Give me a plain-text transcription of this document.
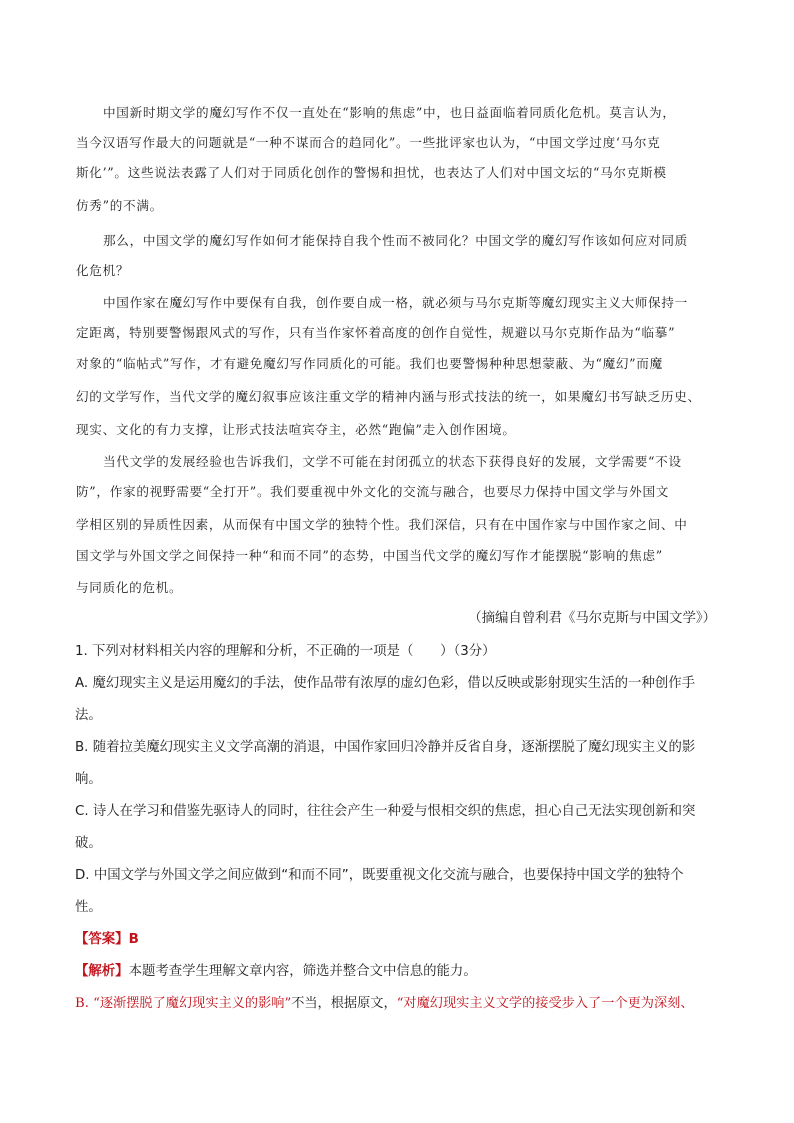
中国新时期文学的魔幻写作不仅一直处在“影响的焦虑”中，也日益面临着同质化危机。莫言认为，
当今汉语写作最大的问题就是“一种不谋而合的趋同化”。一些批评家也认为，“中国文学过度‘马尔克
斯化’”。这些说法表露了人们对于同质化创作的警惕和担忧，也表达了人们对中国文坛的“马尔克斯模
仿秀”的不满。
那么，中国文学的魔幻写作如何才能保持自我个性而不被同化？中国文学的魔幻写作该如何应对同质
化危机？
中国作家在魔幻写作中要保有自我，创作要自成一格，就必须与马尔克斯等魔幻现实主义大师保持一
定距离，特别要警惕跟风式的写作，只有当作家怀着高度的创作自觉性，规避以马尔克斯作品为“临摹”
对象的“临帖式”写作，才有避免魔幻写作同质化的可能。我们也要警惕种种思想蒙蔽、为“魔幻”而魔
幻的文学写作，当代文学的魔幻叙事应该注重文学的精神内涵与形式技法的统一，如果魔幻书写缺乏历史、
现实、文化的有力支撑，让形式技法喧宾夺主，必然“跑偏”走入创作困境。
当代文学的发展经验也告诉我们，文学不可能在封闭孤立的状态下获得良好的发展，文学需要“不设
防”，作家的视野需要“全打开”。我们要重视中外文化的交流与融合，也要尽力保持中国文学与外国文
学相区别的异质性因素，从而保有中国文学的独特个性。我们深信，只有在中国作家与中国作家之间、中
国文学与外国文学之间保持一种“和而不同”的态势，中国当代文学的魔幻写作才能摆脱“影响的焦虑”
与同质化的危机。
（摘编自曾利君《马尔克斯与中国文学》）
1. 下列对材料相关内容的理解和分析，不正确的一项是（　　）（3分）
A. 魔幻现实主义是运用魔幻的手法，使作品带有浓厚的虚幻色彩，借以反映或影射现实生活的一种创作手
法。
B. 随着拉美魔幻现实主义文学高潮的消退，中国作家回归冷静并反省自身，逐渐摆脱了魔幻现实主义的影
响。
C. 诗人在学习和借鉴先驱诗人的同时，往往会产生一种爱与恨相交织的焦虑，担心自己无法实现创新和突
破。
D. 中国文学与外国文学之间应做到“和而不同”，既要重视文化交流与融合，也要保持中国文学的独特个
性。
【答案】B
【解析】本题考查学生理解文章内容，筛选并整合文中信息的能力。
B. “逐渐摆脱了魔幻现实主义的影响”不当，根据原文，“对魔幻现实主义文学的接受步入了一个更为深刻、
